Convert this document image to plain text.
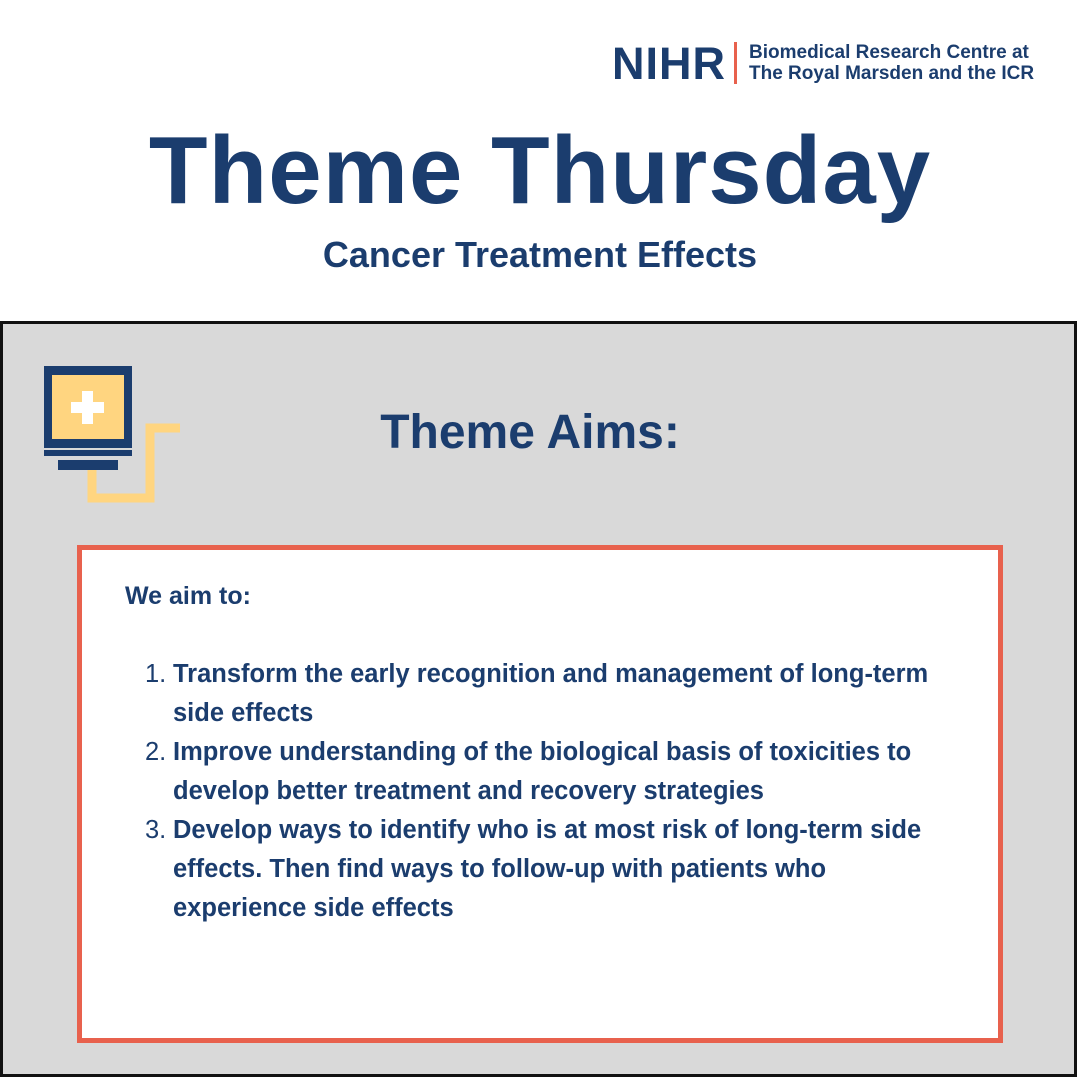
NIHR Biomedical Research Centre at
The Royal Marsden and the ICR
Theme Thursday
Cancer Treatment Effects
Theme Aims:

We aim to:

1. Transform the early recognition and management of long-term side effects
2. Improve understanding of the biological basis of toxicities to develop better treatment and recovery strategies
3. Develop ways to identify who is at most risk of long-term side effects. Then find ways to follow-up with patients who experience side effects
